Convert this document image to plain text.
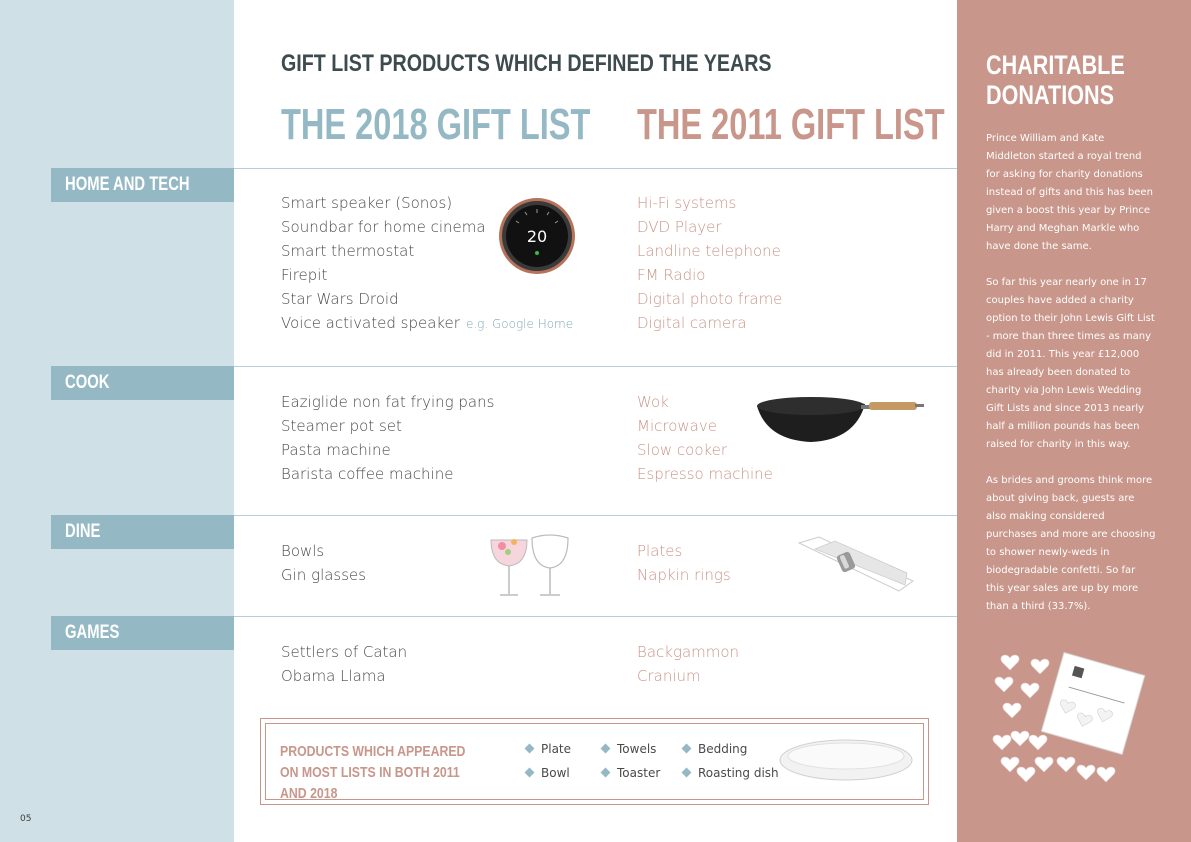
05
GIFT LIST PRODUCTS WHICH DEFINED THE YEARS
THE 2018 GIFT LIST THE 2011 GIFT LIST
HOME AND TECH
Smart speaker (Sonos)
Soundbar for home cinema
Smart thermostat
Firepit
Star Wars Droid
Voice activated speaker e.g. Google Home
Hi-Fi systems
DVD Player
Landline telephone
FM Radio
Digital photo frame
Digital camera
20
COOK
Eaziglide non fat frying pans
Steamer pot set
Pasta machine
Barista coffee machine
Wok
Microwave
Slow cooker
Espresso machine
DINE
Bowls
Gin glasses
Plates
Napkin rings
GAMES
Settlers of Catan
Obama Llama
Backgammon
Cranium
PRODUCTS WHICH APPEARED ON MOST LISTS IN BOTH 2011 AND 2018
Plate
Bowl
Towels
Toaster
Bedding
Roasting dish
CHARITABLE DONATIONS

Prince William and Kate Middleton started a royal trend for asking for charity donations instead of gifts and this has been given a boost this year by Prince Harry and Meghan Markle who have done the same.

So far this year nearly one in 17 couples have added a charity option to their John Lewis Gift List - more than three times as many did in 2011. This year £12,000 has already been donated to charity via John Lewis Wedding Gift Lists and since 2013 nearly half a million pounds has been raised for charity in this way.

As brides and grooms think more about giving back, guests are also making considered purchases and more are choosing to shower newly-weds in biodegradable confetti. So far this year sales are up by more than a third (33.7%).
